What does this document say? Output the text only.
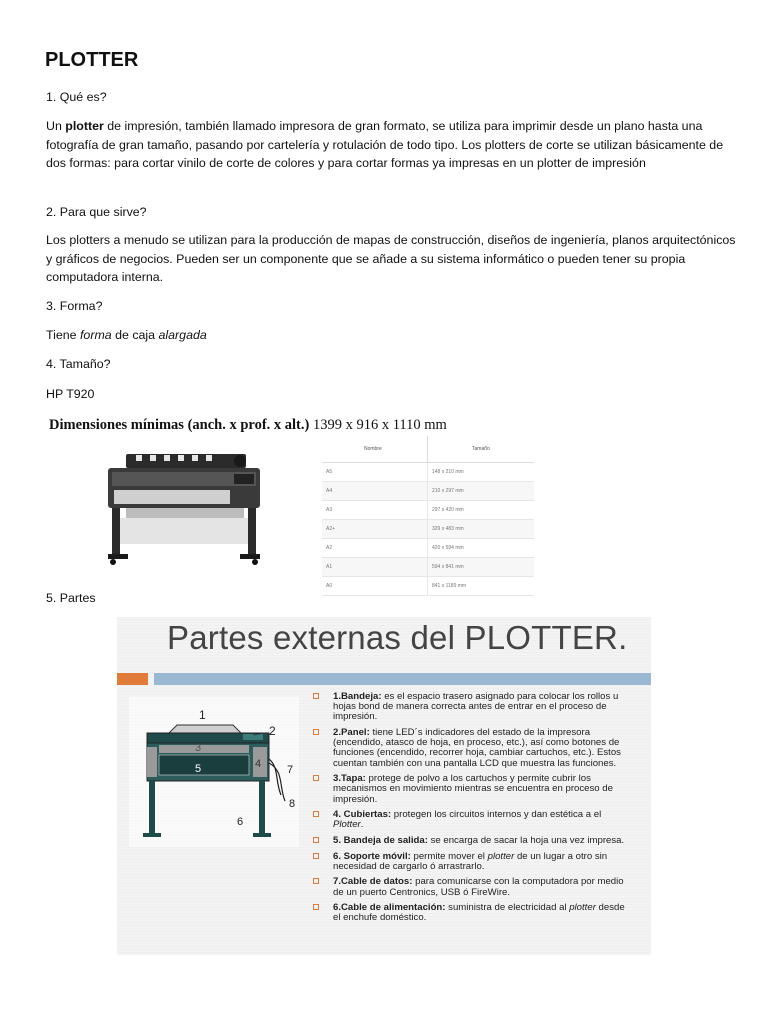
PLOTTER

1. Qué es?

Un plotter de impresión, también llamado impresora de gran formato, se utiliza para imprimir desde un plano hasta una fotografía de gran tamaño, pasando por cartelería y rotulación de todo tipo. Los plotters de corte se utilizan básicamente de dos formas: para cortar vinilo de corte de colores y para cortar formas ya impresas en un plotter de impresión

2. Para que sirve?

Los plotters a menudo se utilizan para la producción de mapas de construcción, diseños de ingeniería, planos arquitectónicos y gráficos de negocios. Pueden ser un componente que se añade a su sistema informático o pueden tener su propia computadora interna.

3. Forma?

Tiene forma de caja alargada

4. Tamaño?

HP T920

Dimensiones mínimas (anch. x prof. x alt.) 1399 x 916 x 1110 mm

Nombre	Tamaño
A5	148 x 210 mm
A4	210 x 297 mm
A3	297 x 420 mm
A2+	329 x 483 mm
A2	420 x 594 mm
A1	594 x 841 mm
A0	841 x 1189 mm

5. Partes

Partes externas del PLOTTER.
1
2
3
4
5
6
7
8
1.Bandeja: es el espacio trasero asignado para colocar los rollos u hojas bond de manera correcta antes de entrar en el proceso de impresión.
2.Panel: tiene LED´s indicadores del estado de la impresora (encendido, atasco de hoja, en proceso, etc.), así como botones de funciones (encendido, recorrer hoja, cambiar cartuchos, etc.). Estos cuentan también con una pantalla LCD que muestra las funciones.
3.Tapa: protege de polvo a los cartuchos y permite cubrir los mecanismos en movimiento mientras se encuentra en proceso de impresión.
4. Cubiertas: protegen los circuitos internos y dan estética a el Plotter.
5. Bandeja de salida: se encarga de sacar la hoja una vez impresa.
6. Soporte móvil: permite mover el plotter de un lugar a otro sin necesidad de cargarlo ó arrastrarlo.
7.Cable de datos: para comunicarse con la computadora por medio de un puerto Centronics, USB ó FireWire.
6.Cable de alimentación: suministra de electricidad al plotter desde el enchufe doméstico.
